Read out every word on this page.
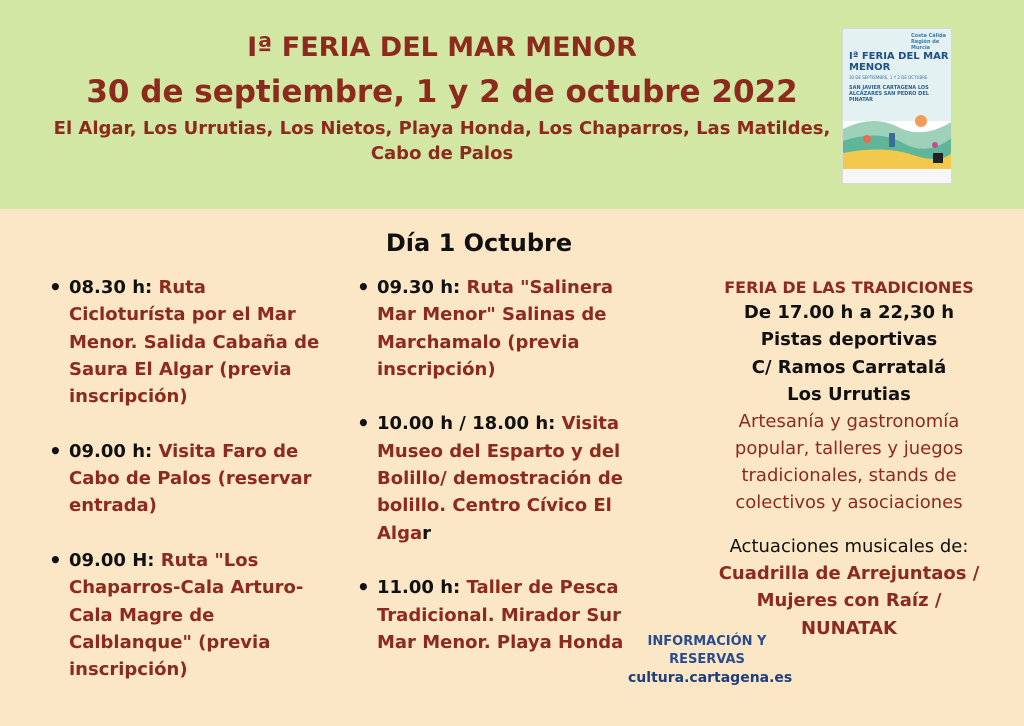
Iª FERIA DEL MAR MENOR
30 de septiembre, 1 y 2 de octubre 2022
El Algar, Los Urrutias, Los Nietos, Playa Honda, Los Chaparros, Las Matildes, Cabo de Palos
Costa Cálida Región de Murcia
Iª FERIA DEL MAR MENOR
30 DE SEPTIEMBRE, 1 Y 2 DE OCTUBRE
SAN JAVIER CARTAGENA LOS ALCÁZARES SAN PEDRO DEL PINATAR
Día 1 Octubre
• 08.30 h: Ruta Cicloturísta por el Mar Menor. Salida Cabaña de Saura El Algar (previa inscripción)
• 09.00 h: Visita Faro de Cabo de Palos (reservar entrada)
• 09.00 H: Ruta "Los Chaparros-Cala Arturo-Cala Magre de Calblanque" (previa inscripción)
• 09.30 h: Ruta "Salinera Mar Menor" Salinas de Marchamalo (previa inscripción)
• 10.00 h / 18.00 h: Visita Museo del Esparto y del Bolillo/ demostración de bolillo. Centro Cívico El Algar
• 11.00 h: Taller de Pesca Tradicional. Mirador Sur Mar Menor. Playa Honda
FERIA DE LAS TRADICIONES
De 17.00 h a 22,30 h
Pistas deportivas
C/ Ramos Carratalá
Los Urrutias
Artesanía y gastronomía popular, talleres y juegos tradicionales, stands de colectivos y asociaciones
Actuaciones musicales de:
Cuadrilla de Arrejuntaos / Mujeres con Raíz / NUNATAK
INFORMACIÓN Y
RESERVAS
cultura.cartagena.es
